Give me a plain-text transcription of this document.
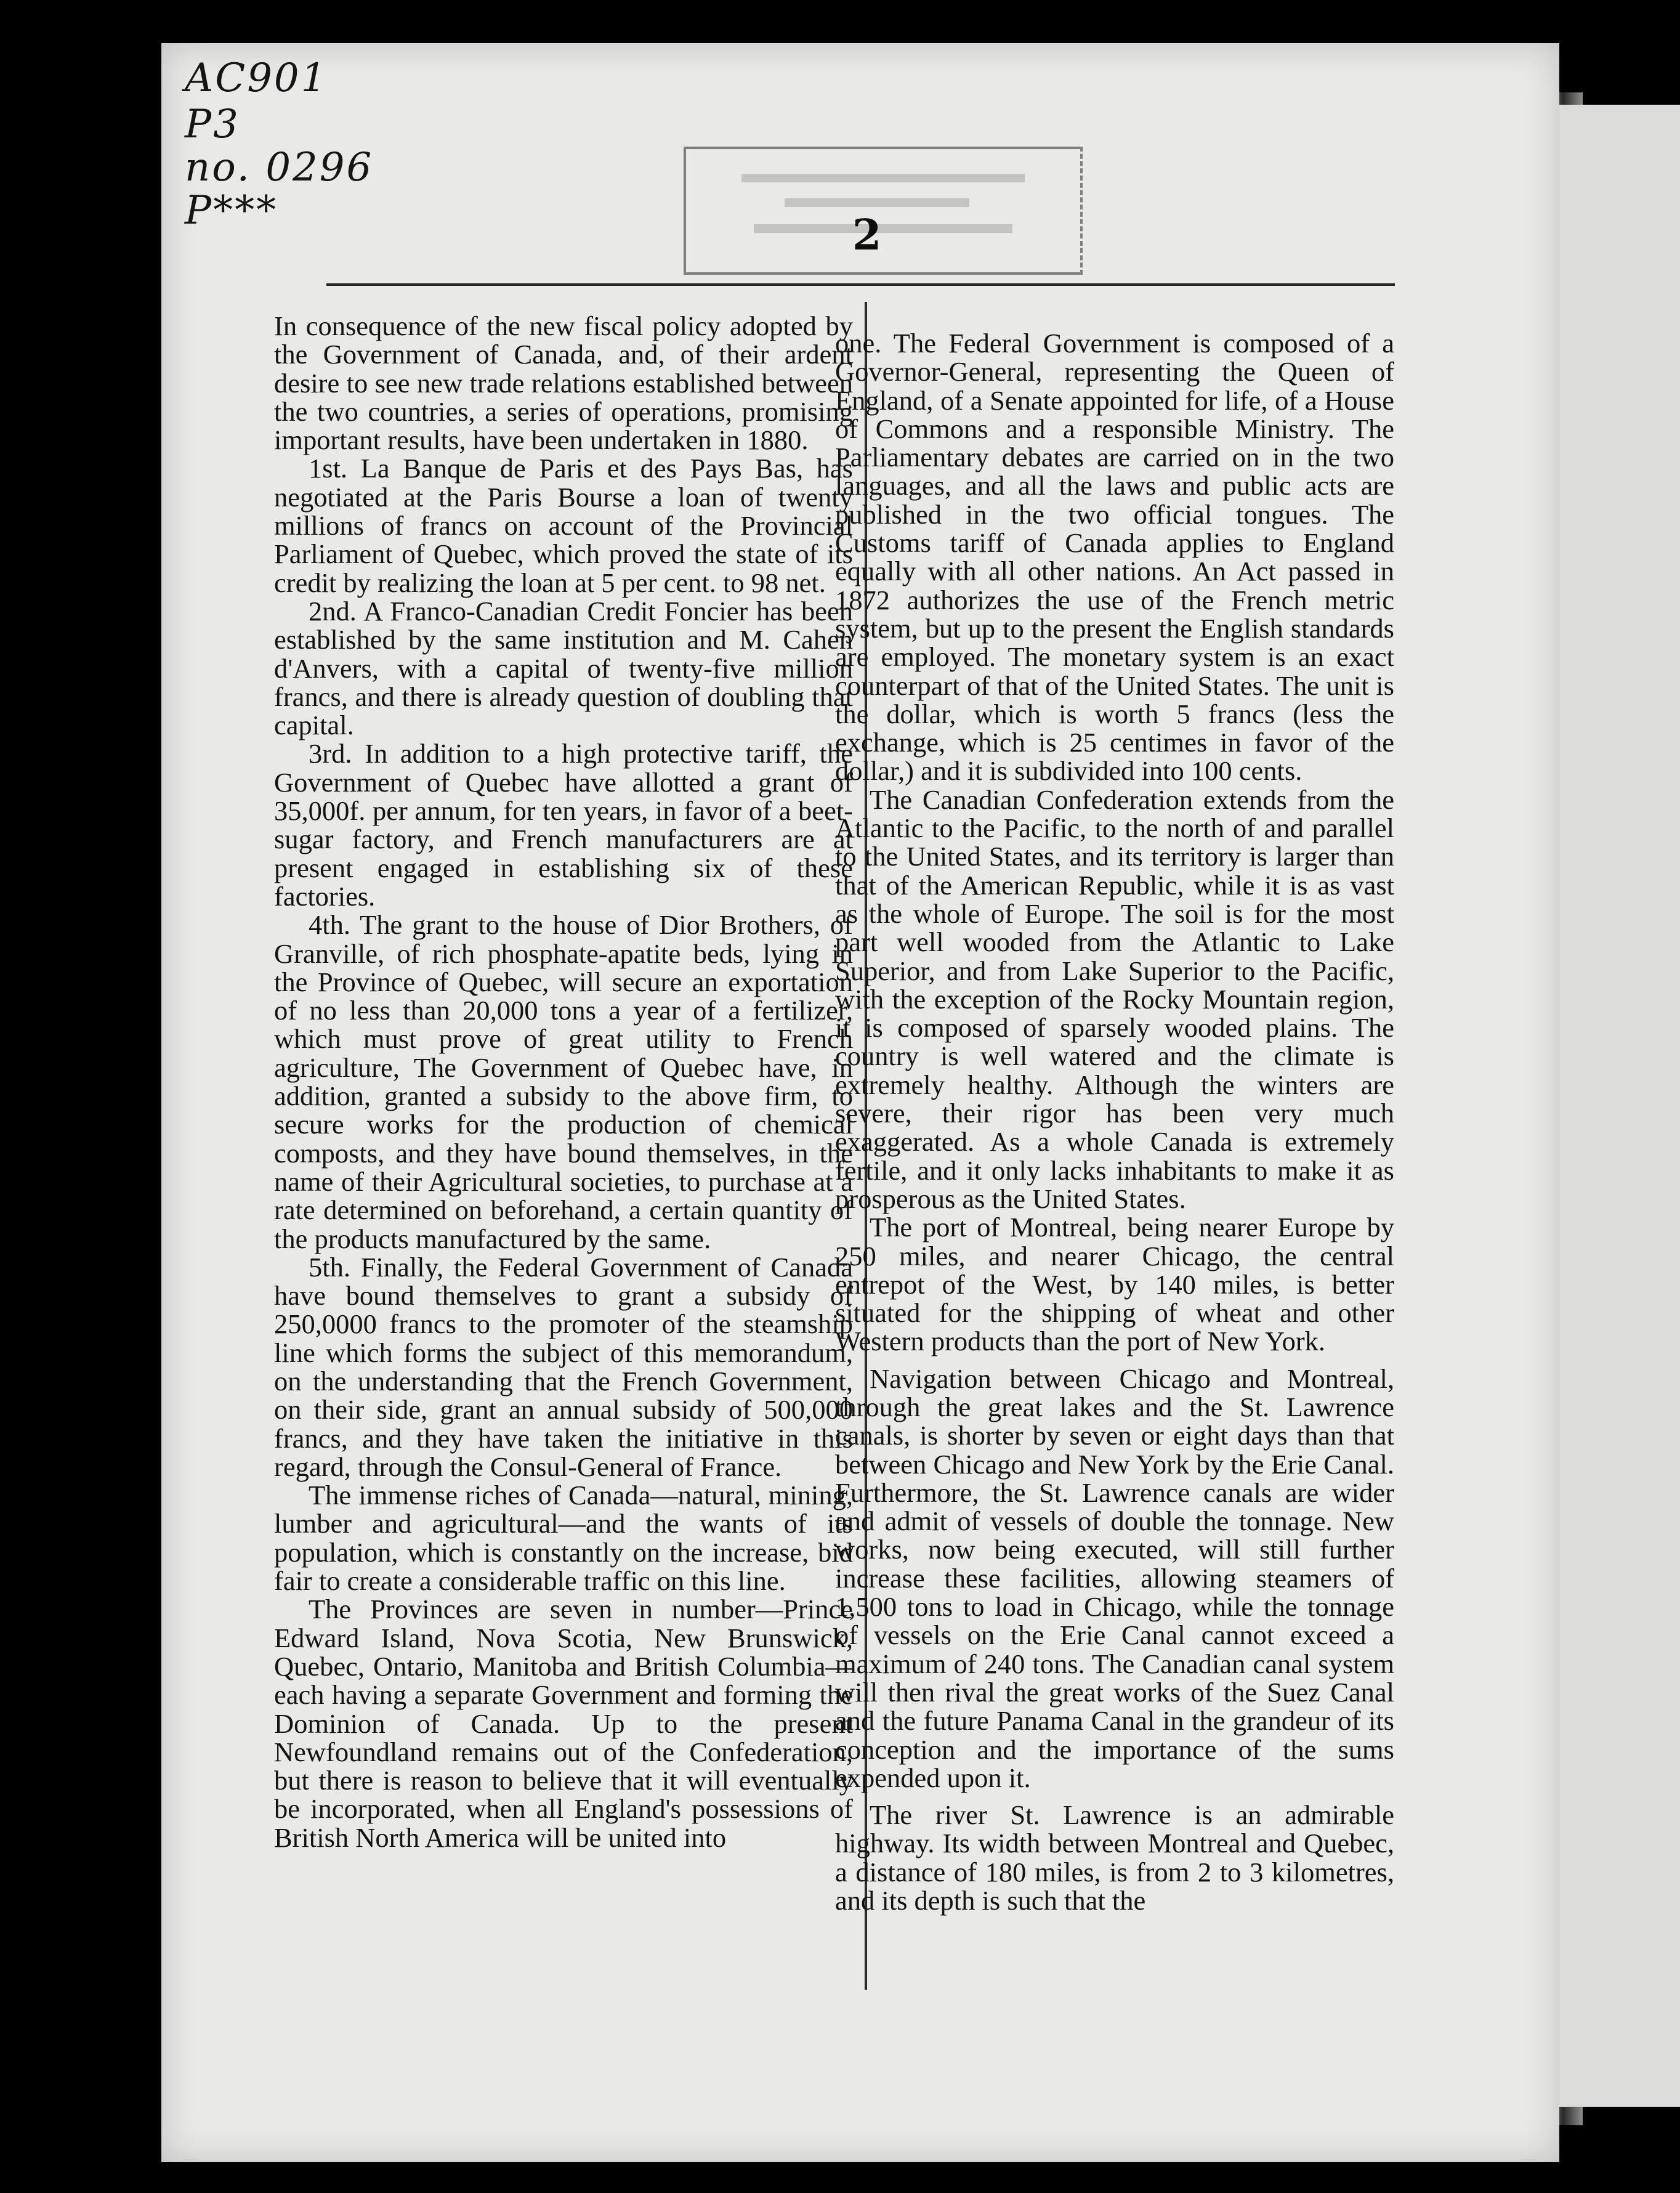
AC901
P3
no. 0296
P***	2

In consequence of the new fiscal policy adopted by the Government of Canada, and, of their ardent desire to see new trade relations established between the two countries, a series of operations, promising important results, have been undertaken in 1880.

1st. La Banque de Paris et des Pays Bas, has negotiated at the Paris Bourse a loan of twenty millions of francs on account of the Provincial Parliament of Quebec, which proved the state of its credit by realizing the loan at 5 per cent. to 98 net.

2nd. A Franco-Canadian Credit Foncier has been established by the same institution and M. Cahen d'Anvers, with a capital of twenty-five million francs, and there is already question of doubling that capital.

3rd. In addition to a high protective tariff, the Government of Quebec have allotted a grant of 35,000f. per annum, for ten years, in favor of a beet-sugar factory, and French manufacturers are at present engaged in establishing six of these factories.

4th. The grant to the house of Dior Brothers, of Granville, of rich phosphate-apatite beds, lying in the Province of Quebec, will secure an exportation of no less than 20,000 tons a year of a fertilizer, which must prove of great utility to French agriculture, The Government of Quebec have, in addition, granted a subsidy to the above firm, to secure works for the production of chemical composts, and they have bound themselves, in the name of their Agricultural societies, to purchase at a rate determined on beforehand, a certain quantity of the products manufactured by the same.

5th. Finally, the Federal Government of Canada have bound themselves to grant a subsidy of 250,0000 francs to the promoter of the steamship line which forms the subject of this memorandum, on the understanding that the French Government, on their side, grant an annual subsidy of 500,000 francs, and they have taken the initiative in this regard, through the Consul-General of France.

The immense riches of Canada—natural, mining, lumber and agricultural—and the wants of its population, which is constantly on the increase, bid fair to create a considerable traffic on this line.

The Provinces are seven in number—Prince Edward Island, Nova Scotia, New Brunswick, Quebec, Ontario, Manitoba and British Columbia—each having a separate Government and forming the Dominion of Canada. Up to the present Newfoundland remains out of the Confederation, but there is reason to believe that it will eventually be incorporated, when all England's possessions of British North America will be united into

one. The Federal Government is composed of a Governor-General, representing the Queen of England, of a Senate appointed for life, of a House of Commons and a responsible Ministry. The Parliamentary debates are carried on in the two languages, and all the laws and public acts are published in the two official tongues. The Customs tariff of Canada applies to England equally with all other nations. An Act passed in 1872 authorizes the use of the French metric system, but up to the present the English standards are employed. The monetary system is an exact counterpart of that of the United States. The unit is the dollar, which is worth 5 francs (less the exchange, which is 25 centimes in favor of the dollar,) and it is subdivided into 100 cents.

The Canadian Confederation extends from the Atlantic to the Pacific, to the north of and parallel to the United States, and its territory is larger than that of the American Republic, while it is as vast as the whole of Europe. The soil is for the most part well wooded from the Atlantic to Lake Superior, and from Lake Superior to the Pacific, with the exception of the Rocky Mountain region, it is composed of sparsely wooded plains. The country is well watered and the climate is extremely healthy. Although the winters are severe, their rigor has been very much exaggerated. As a whole Canada is extremely fertile, and it only lacks inhabitants to make it as prosperous as the United States.

The port of Montreal, being nearer Europe by 250 miles, and nearer Chicago, the central entrepot of the West, by 140 miles, is better situated for the shipping of wheat and other Western products than the port of New York.

Navigation between Chicago and Montreal, through the great lakes and the St. Lawrence canals, is shorter by seven or eight days than that between Chicago and New York by the Erie Canal. Furthermore, the St. Lawrence canals are wider and admit of vessels of double the tonnage. New works, now being executed, will still further increase these facilities, allowing steamers of 1,500 tons to load in Chicago, while the tonnage of vessels on the Erie Canal cannot exceed a maximum of 240 tons. The Canadian canal system will then rival the great works of the Suez Canal and the future Panama Canal in the grandeur of its conception and the importance of the sums expended upon it.

The river St. Lawrence is an admirable highway. Its width between Montreal and Quebec, a distance of 180 miles, is from 2 to 3 kilometres, and its depth is such that the
